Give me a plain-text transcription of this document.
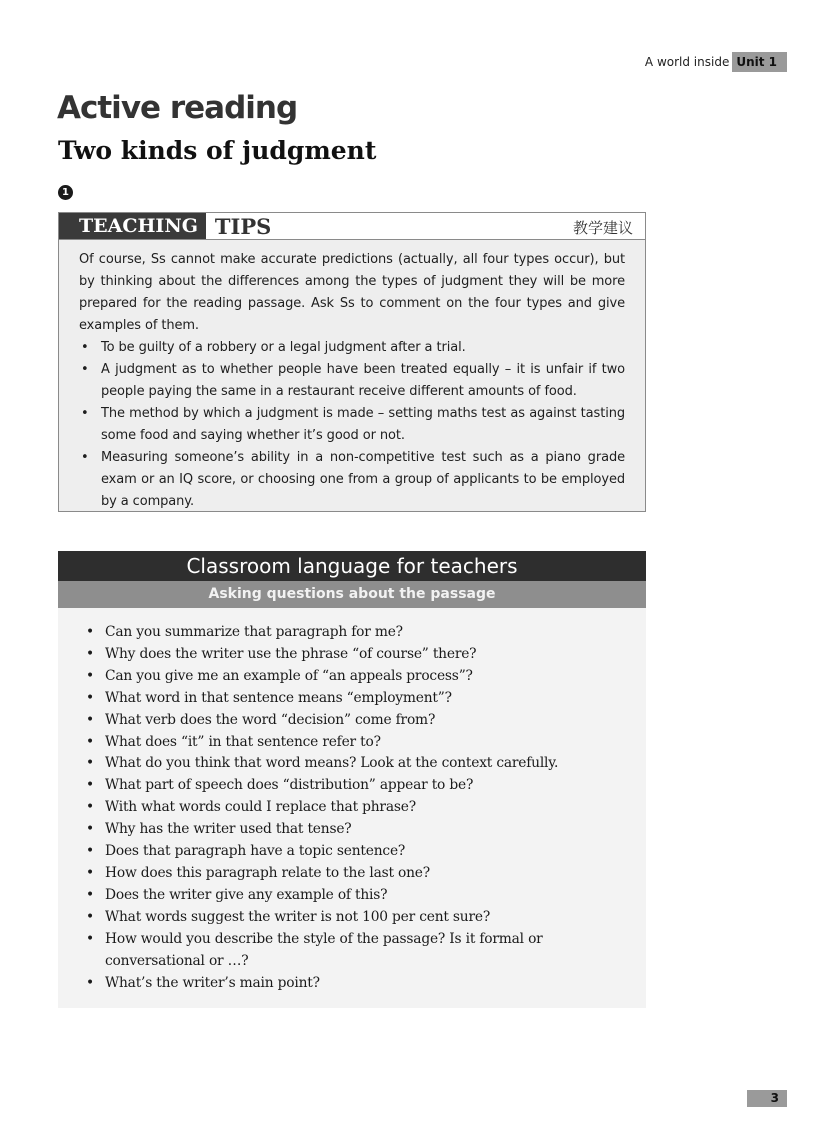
A world inside Unit 1
Active reading
Two kinds of judgment
1
TEACHING TIPS	教学建议

Of course, Ss cannot make accurate predictions (actually, all four types occur), but by thinking about the differences among the types of judgment they will be more prepared for the reading passage. Ask Ss to comment on the four types and give examples of them.

• To be guilty of a robbery or a legal judgment after a trial.
• A judgment as to whether people have been treated equally – it is unfair if two people paying the same in a restaurant receive different amounts of food.
• The method by which a judgment is made – setting maths test as against tasting some food and saying whether it’s good or not.
• Measuring someone’s ability in a non-competitive test such as a piano grade exam or an IQ score, or choosing one from a group of applicants to be employed by a company.
Classroom language for teachers
Asking questions about the passage
• Can you summarize that paragraph for me?
• Why does the writer use the phrase “of course” there?
• Can you give me an example of “an appeals process”?
• What word in that sentence means “employment”?
• What verb does the word “decision” come from?
• What does “it” in that sentence refer to?
• What do you think that word means? Look at the context carefully.
• What part of speech does “distribution” appear to be?
• With what words could I replace that phrase?
• Why has the writer used that tense?
• Does that paragraph have a topic sentence?
• How does this paragraph relate to the last one?
• Does the writer give any example of this?
• What words suggest the writer is not 100 per cent sure?
• How would you describe the style of the passage? Is it formal or conversational or …?
• What’s the writer’s main point?
3
